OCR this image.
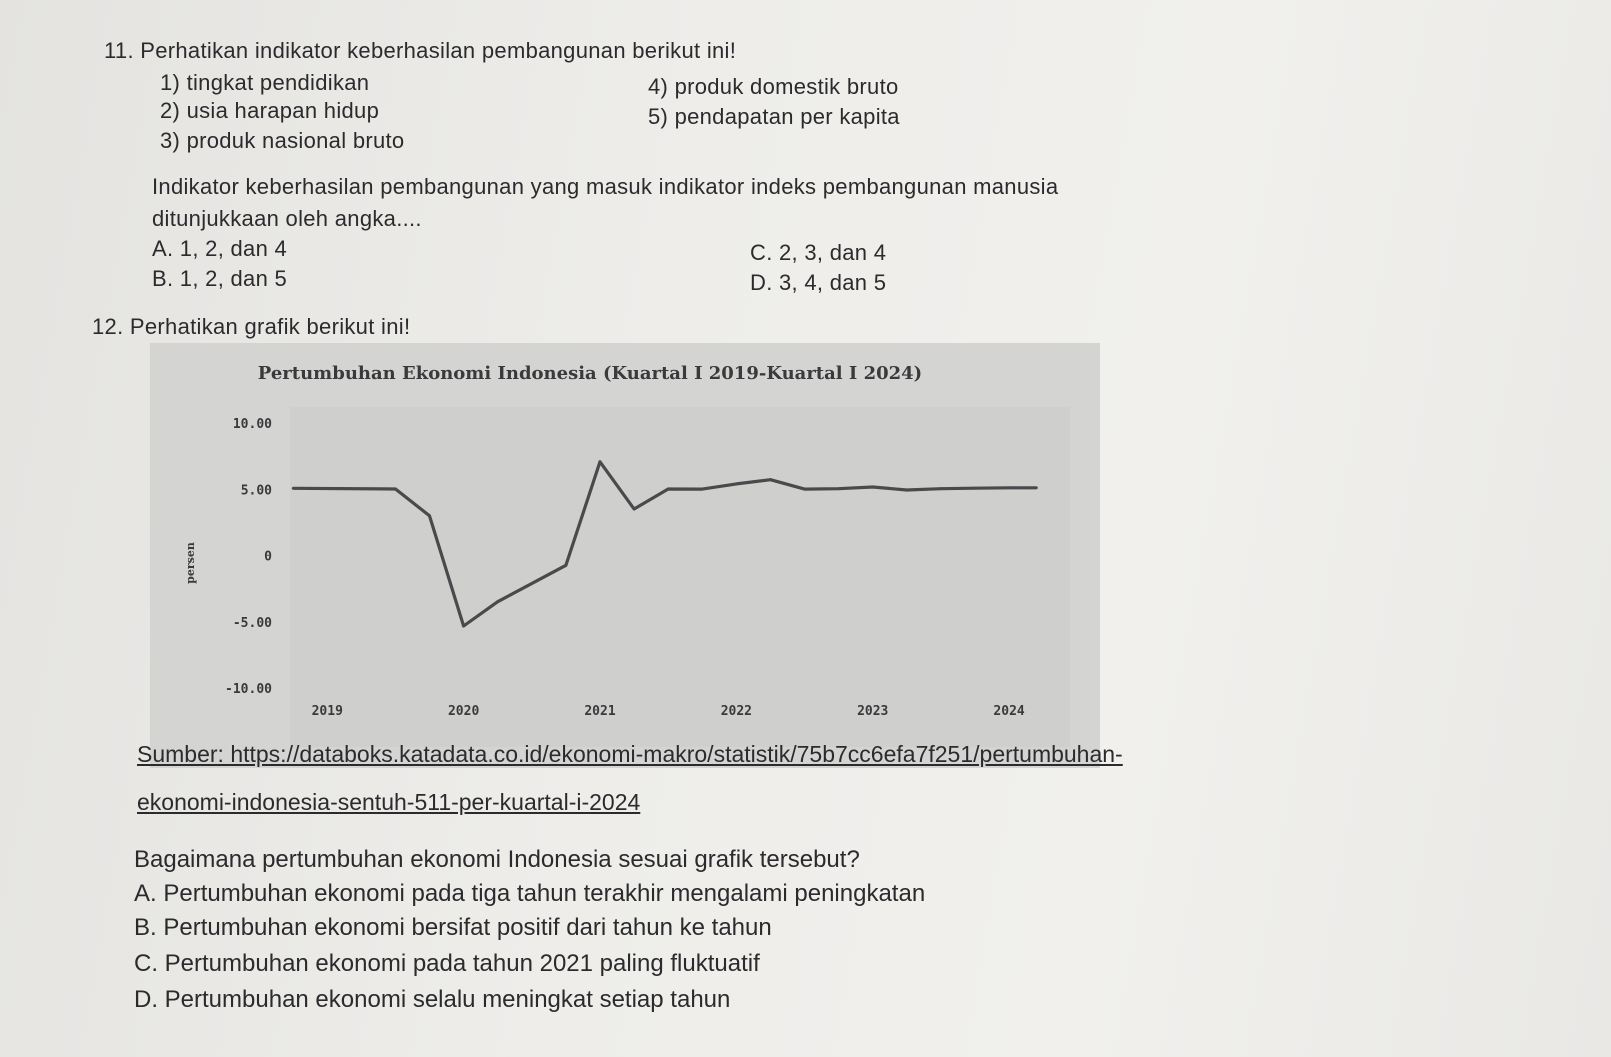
11. Perhatikan indikator keberhasilan pembangunan berikut ini!
1) tingkat pendidikan
2) usia harapan hidup
3) produk nasional bruto
4) produk domestik bruto
5) pendapatan per kapita
Indikator keberhasilan pembangunan yang masuk indikator indeks pembangunan manusia
ditunjukkaan oleh angka....
A. 1, 2, dan 4
B. 1, 2, dan 5
C. 2, 3, dan 4
D. 3, 4, dan 5
12. Perhatikan grafik berikut ini!
Pertumbuhan Ekonomi Indonesia (Kuartal I 2019-Kuartal I 2024)
persen
10.00
5.00
0
-5.00
-10.00
2019	2020	2021	2022	2023	2024
Sumber: https://databoks.katadata.co.id/ekonomi-makro/statistik/75b7cc6efa7f251/pertumbuhan-
ekonomi-indonesia-sentuh-511-per-kuartal-i-2024
Bagaimana pertumbuhan ekonomi Indonesia sesuai grafik tersebut?
A. Pertumbuhan ekonomi pada tiga tahun terakhir mengalami peningkatan
B. Pertumbuhan ekonomi bersifat positif dari tahun ke tahun
C. Pertumbuhan ekonomi pada tahun 2021 paling fluktuatif
D. Pertumbuhan ekonomi selalu meningkat setiap tahun
